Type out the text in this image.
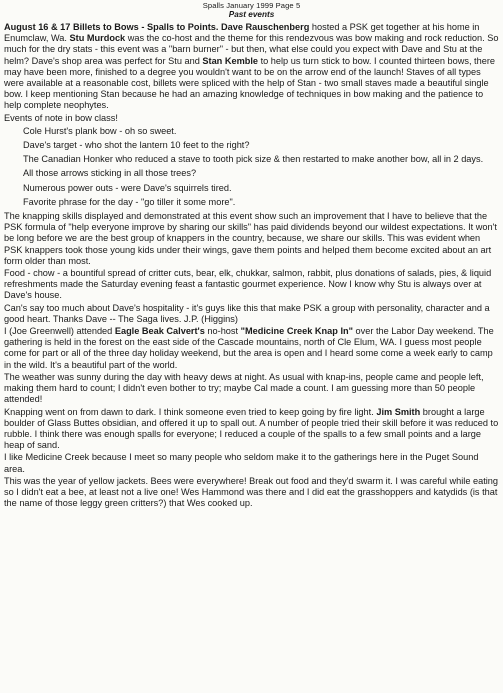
Spalls January 1999 Page 5
Past events

August 16 & 17 Billets to Bows - Spalls to Points. Dave Rauschenberg hosted a PSK get together at his home in Enumclaw, Wa. Stu Murdock was the co-host and the theme for this rendezvous was bow making and rock reduction. So much for the dry stats - this event was a "barn burner" - but then, what else could you expect with Dave and Stu at the helm? Dave's shop area was perfect for Stu and Stan Kemble to help us turn stick to bow. I counted thirteen bows, there may have been more, finished to a degree you wouldn't want to be on the arrow end of the launch! Staves of all types were available at a reasonable cost, billets were spliced with the help of Stan - two small staves made a beautiful single bow. I keep mentioning Stan because he had an amazing knowledge of techniques in bow making and the patience to help complete neophytes.

Events of note in bow class!

Cole Hurst's plank bow - oh so sweet.
Dave's target - who shot the lantern 10 feet to the right?
The Canadian Honker who reduced a stave to tooth pick size & then restarted to make another bow, all in 2 days.
All those arrows sticking in all those trees?
Numerous power outs - were Dave's squirrels tired.
Favorite phrase for the day - "go tiller it some more".

The knapping skills displayed and demonstrated at this event show such an improvement that I have to believe that the PSK formula of "help everyone improve by sharing our skills" has paid dividends beyond our wildest expectations. It won't be long before we are the best group of knappers in the country, because, we share our skills. This was evident when PSK knappers took those young kids under their wings, gave them points and helped them become excited about an art form older than most.

Food - chow - a bountiful spread of critter cuts, bear, elk, chukkar, salmon, rabbit, plus donations of salads, pies, & liquid refreshments made the Saturday evening feast a fantastic gourmet experience. Now I know why Stu is always over at Dave's house.

Can's say too much about Dave's hospitality - it's guys like this that make PSK a group with personality, character and a good heart. Thanks Dave -- The Saga lives. J.P. (Higgins)

I (Joe Greenwell) attended Eagle Beak Calvert's no-host "Medicine Creek Knap In" over the Labor Day weekend. The gathering is held in the forest on the east side of the Cascade mountains, north of Cle Elum, WA. I guess most people come for part or all of the three day holiday weekend, but the area is open and I heard some come a week early to camp in the wild. It's a beautiful part of the world.

The weather was sunny during the day with heavy dews at night. As usual with knap-ins, people came and people left, making them hard to count; I didn't even bother to try; maybe Cal made a count. I am guessing more than 50 people attended!

Knapping went on from dawn to dark. I think someone even tried to keep going by fire light. Jim Smith brought a large boulder of Glass Buttes obsidian, and offered it up to spall out. A number of people tried their skill before it was reduced to rubble. I think there was enough spalls for everyone; I reduced a couple of the spalls to a few small points and a large heap of sand.

I like Medicine Creek because I meet so many people who seldom make it to the gatherings here in the Puget Sound area.

This was the year of yellow jackets. Bees were everywhere! Break out food and they'd swarm it. I was careful while eating so I didn't eat a bee, at least not a live one! Wes Hammond was there and I did eat the grasshoppers and katydids (is that the name of those leggy green critters?) that Wes cooked up.
